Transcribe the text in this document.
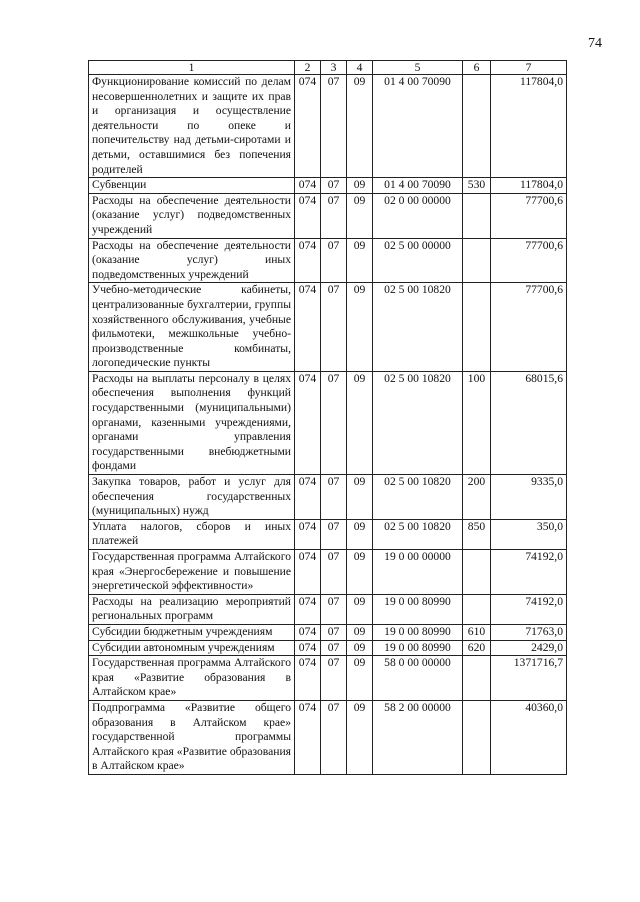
74
1	2	3	4	5	6	7
Функционирование комиссий по делам несовершеннолетних и защите их прав и организация и осуществление деятельности по опеке и попечительству над детьми-сиротами и детьми, оставшимися без попечения родителей	074	07	09	01 4 00 70090		117804,0
Субвенции	074	07	09	01 4 00 70090	530	117804,0
Расходы на обеспечение деятельности (оказание услуг) подведомственных учреждений	074	07	09	02 0 00 00000		77700,6
Расходы на обеспечение деятельности (оказание услуг) иных подведомственных учреждений	074	07	09	02 5 00 00000		77700,6
Учебно-методические кабинеты, централизованные бухгалтерии, группы хозяйственного обслуживания, учебные фильмотеки, межшкольные учебно-производственные комбинаты, логопедические пункты	074	07	09	02 5 00 10820		77700,6
Расходы на выплаты персоналу в целях обеспечения выполнения функций государственными (муниципальными) органами, казенными учреждениями, органами управления государственными внебюджетными фондами	074	07	09	02 5 00 10820	100	68015,6
Закупка товаров, работ и услуг для обеспечения государственных (муниципальных) нужд	074	07	09	02 5 00 10820	200	9335,0
Уплата налогов, сборов и иных платежей	074	07	09	02 5 00 10820	850	350,0
Государственная программа Алтайского края «Энергосбережение и повышение энергетической эффективности»	074	07	09	19 0 00 00000		74192,0
Расходы на реализацию мероприятий региональных программ	074	07	09	19 0 00 80990		74192,0
Субсидии бюджетным учреждениям	074	07	09	19 0 00 80990	610	71763,0
Субсидии автономным учреждениям	074	07	09	19 0 00 80990	620	2429,0
Государственная программа Алтайского края «Развитие образования в Алтайском крае»	074	07	09	58 0 00 00000		1371716,7
Подпрограмма «Развитие общего образования в Алтайском крае» государственной программы Алтайского края «Развитие образования в Алтайском крае»	074	07	09	58 2 00 00000		40360,0
